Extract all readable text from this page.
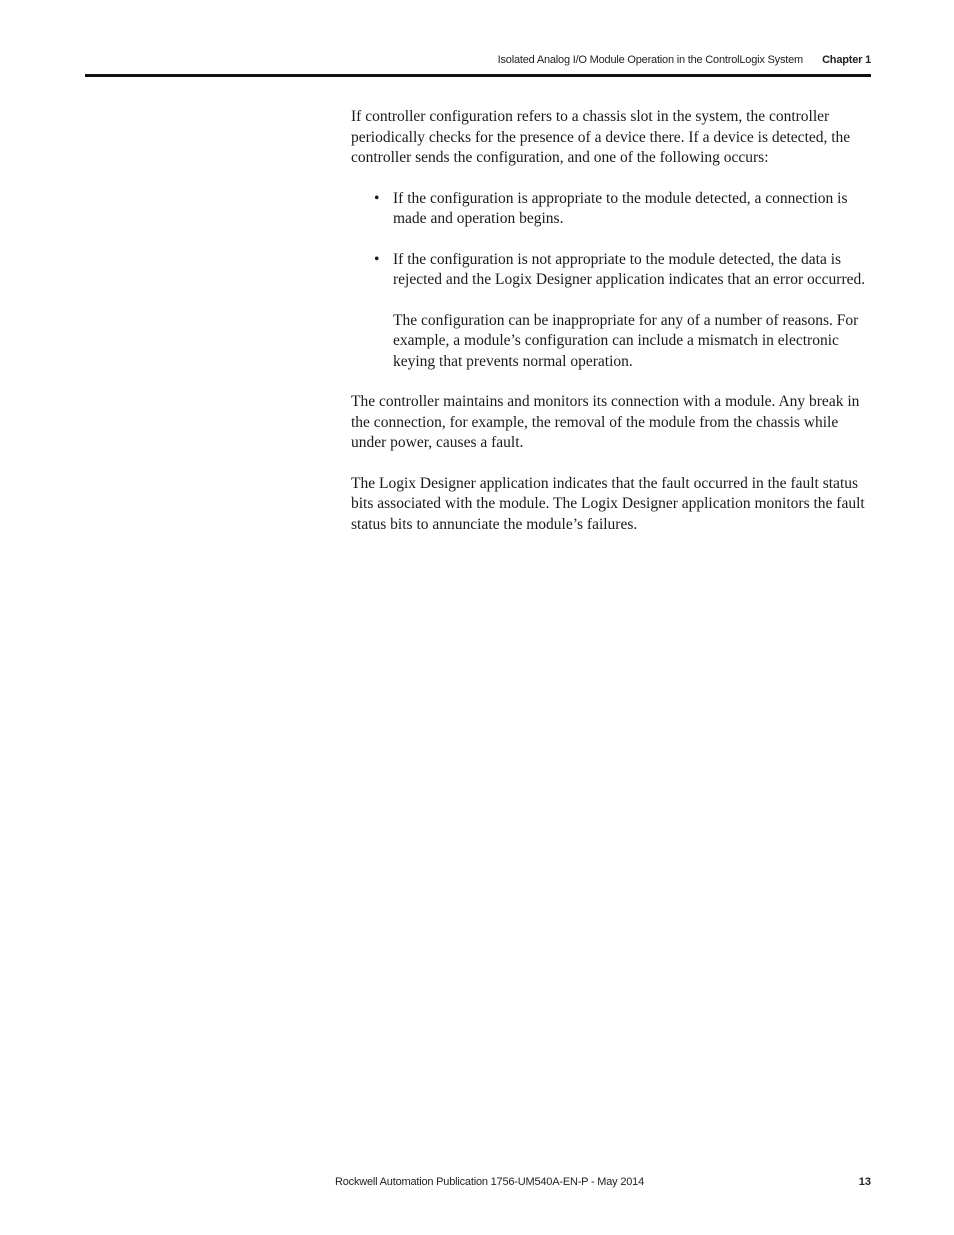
Isolated Analog I/O Module Operation in the ControlLogix System Chapter 1

If controller configuration refers to a chassis slot in the system, the controller periodically checks for the presence of a device there. If a device is detected, the controller sends the configuration, and one of the following occurs:

• If the configuration is appropriate to the module detected, a connection is made and operation begins.
• If the configuration is not appropriate to the module detected, the data is rejected and the Logix Designer application indicates that an error occurred.
The configuration can be inappropriate for any of a number of reasons. For example, a module’s configuration can include a mismatch in electronic keying that prevents normal operation.

The controller maintains and monitors its connection with a module. Any break in the connection, for example, the removal of the module from the chassis while under power, causes a fault.

The Logix Designer application indicates that the fault occurred in the fault status bits associated with the module. The Logix Designer application monitors the fault status bits to annunciate the module’s failures.

Rockwell Automation Publication 1756-UM540A-EN-P - May 2014	13
